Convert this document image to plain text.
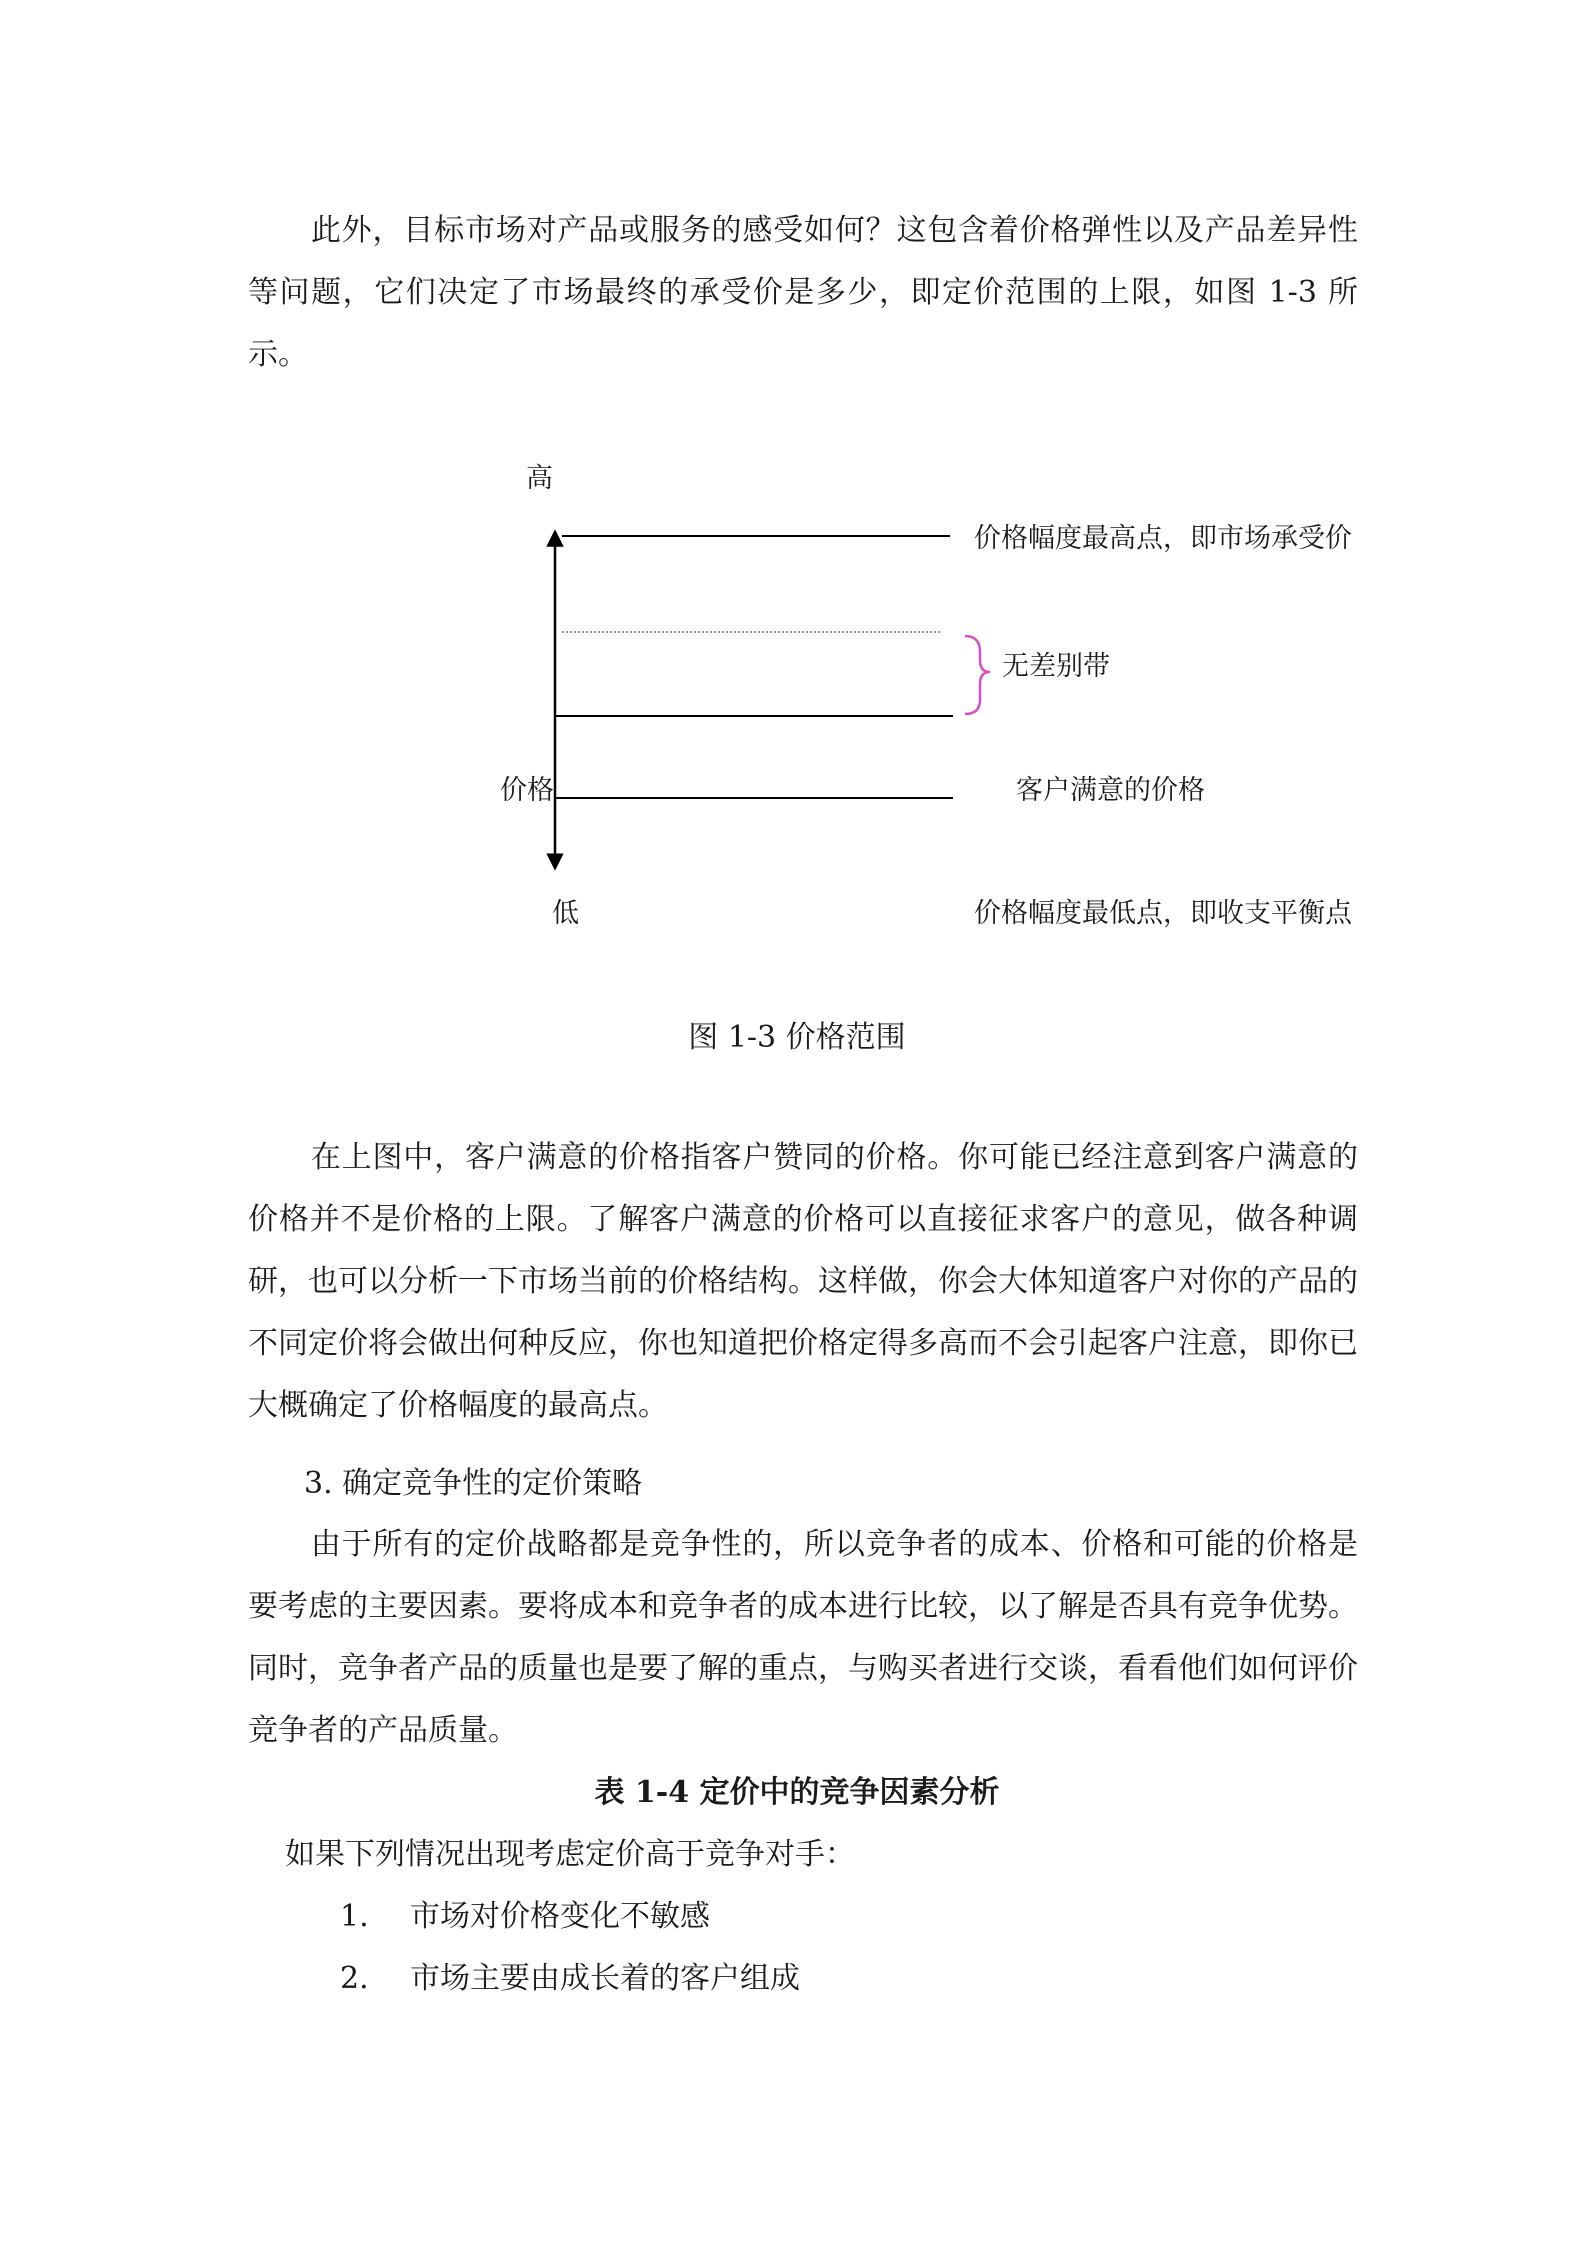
此外，目标市场对产品或服务的感受如何？这包含着价格弹性以及产品差异性等问题，它们决定了市场最终的承受价是多少，即定价范围的上限，如图 1-3 所示。

高
价格幅度最高点，即市场承受价
无差别带
价格	客户满意的价格
低	价格幅度最低点，即收支平衡点
图 1-3 价格范围

在上图中，客户满意的价格指客户赞同的价格。你可能已经注意到客户满意的价格并不是价格的上限。了解客户满意的价格可以直接征求客户的意见，做各种调研，也可以分析一下市场当前的价格结构。这样做，你会大体知道客户对你的产品的不同定价将会做出何种反应，你也知道把价格定得多高而不会引起客户注意，即你已大概确定了价格幅度的最高点。

3. 确定竞争性的定价策略

由于所有的定价战略都是竞争性的，所以竞争者的成本、价格和可能的价格是要考虑的主要因素。要将成本和竞争者的成本进行比较，以了解是否具有竞争优势。同时，竞争者产品的质量也是要了解的重点，与购买者进行交谈，看看他们如何评价竞争者的产品质量。

表 1-4 定价中的竞争因素分析

如果下列情况出现考虑定价高于竞争对手：

1. 市场对价格变化不敏感

2. 市场主要由成长着的客户组成
